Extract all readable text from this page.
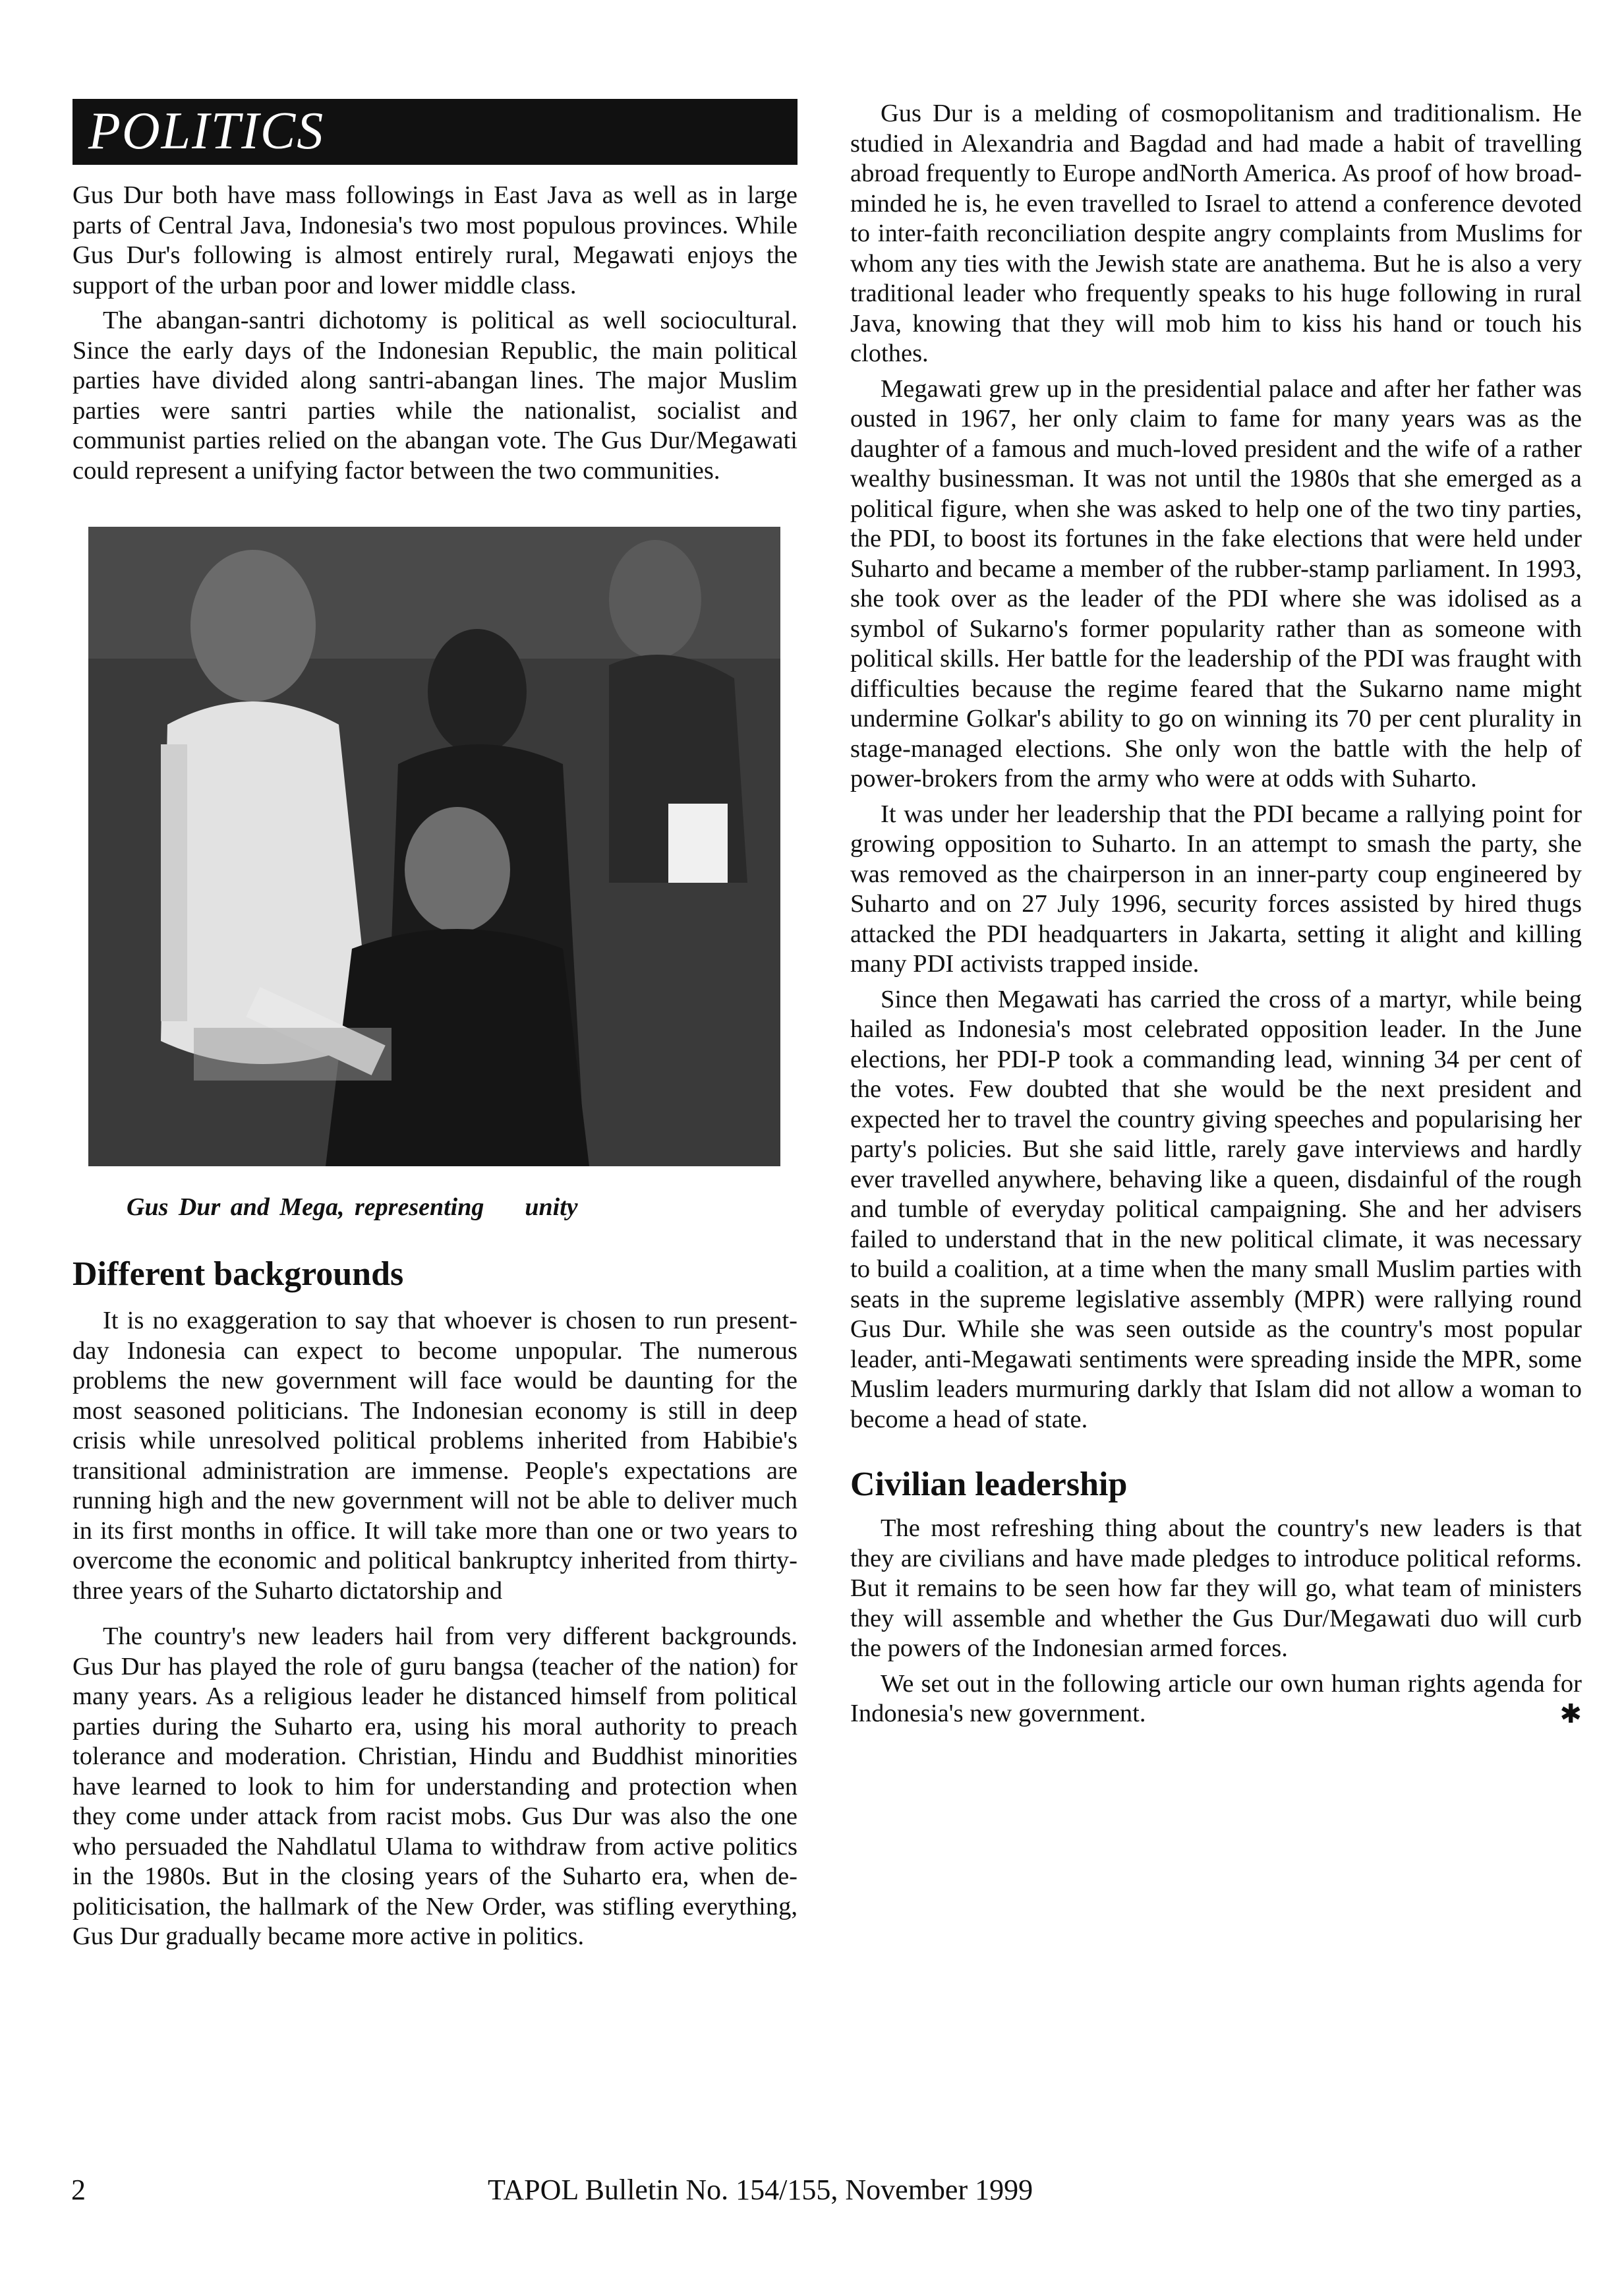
POLITICS

Gus Dur both have mass followings in East Java as well as in large parts of Central Java, Indonesia's two most populous provinces. While Gus Dur's following is almost entirely rural, Megawati enjoys the support of the urban poor and lower middle class.

The abangan-santri dichotomy is political as well sociocultural. Since the early days of the Indonesian Republic, the main political parties have divided along santri-abangan lines. The major Muslim parties were santri parties while the nationalist, socialist and communist parties relied on the abangan vote. The Gus Dur/Megawati could represent a unifying factor between the two communities.

Gus Dur and Mega, representing    unity
Different backgrounds

It is no exaggeration to say that whoever is chosen to run present-day Indonesia can expect to become unpopular. The numerous problems the new government will face would be daunting for the most seasoned politicians. The Indonesian economy is still in deep crisis while unresolved political problems inherited from Habibie's transitional administration are immense. People's expectations are running high and the new government will not be able to deliver much in its first months in office. It will take more than one or two years to overcome the economic and political bankruptcy inherited from thirty-three years of the Suharto dictatorship and

The country's new leaders hail from very different backgrounds. Gus Dur has played the role of guru bangsa (teacher of the nation) for many years. As a religious leader he distanced himself from political parties during the Suharto era, using his moral authority to preach tolerance and moderation. Christian, Hindu and Buddhist minorities have learned to look to him for understanding and protection when they come under attack from racist mobs. Gus Dur was also the one who persuaded the Nahdlatul Ulama to withdraw from active politics in the 1980s. But in the closing years of the Suharto era, when de-politicisation, the hallmark of the New Order, was stifling everything, Gus Dur gradually became more active in politics.

Gus Dur is a melding of cosmopolitanism and traditionalism. He studied in Alexandria and Bagdad and had made a habit of travelling abroad frequently to Europe andNorth America. As proof of how broad-minded he is, he even travelled to Israel to attend a conference devoted to inter-faith reconciliation despite angry complaints from Muslims for whom any ties with the Jewish state are anathema. But he is also a very traditional leader who frequently speaks to his huge following in rural Java, knowing that they will mob him to kiss his hand or touch his clothes.

Megawati grew up in the presidential palace and after her father was ousted in 1967, her only claim to fame for many years was as the daughter of a famous and much-loved president and the wife of a rather wealthy businessman. It was not until the 1980s that she emerged as a political figure, when she was asked to help one of the two tiny parties, the PDI, to boost its fortunes in the fake elections that were held under Suharto and became a member of the rubber-stamp parliament. In 1993, she took over as the leader of the PDI where she was idolised as a symbol of Sukarno's former popularity rather than as someone with political skills. Her battle for the leadership of the PDI was fraught with difficulties because the regime feared that the Sukarno name might undermine Golkar's ability to go on winning its 70 per cent plurality in stage-managed elections. She only won the battle with the help of power-brokers from the army who were at odds with Suharto.

It was under her leadership that the PDI became a rallying point for growing opposition to Suharto. In an attempt to smash the party, she was removed as the chairperson in an inner-party coup engineered by Suharto and on 27 July 1996, security forces assisted by hired thugs attacked the PDI headquarters in Jakarta, setting it alight and killing many PDI activists trapped inside.

Since then Megawati has carried the cross of a martyr, while being hailed as Indonesia's most celebrated opposition leader. In the June elections, her PDI-P took a commanding lead, winning 34 per cent of the votes. Few doubted that she would be the next president and expected her to travel the country giving speeches and popularising her party's policies. But she said little, rarely gave interviews and hardly ever travelled anywhere, behaving like a queen, disdainful of the rough and tumble of everyday political campaigning. She and her advisers failed to understand that in the new political climate, it was necessary to build a coalition, at a time when the many small Muslim parties with seats in the supreme legislative assembly (MPR) were rallying round Gus Dur. While she was seen outside as the country's most popular leader, anti-Megawati sentiments were spreading inside the MPR, some Muslim leaders murmuring darkly that Islam did not allow a woman to become a head of state.

Civilian leadership

The most refreshing thing about the country's new leaders is that they are civilians and have made pledges to introduce political reforms. But it remains to be seen how far they will go, what team of ministers they will assemble and whether the Gus Dur/Megawati duo will curb the powers of the Indonesian armed forces.

We set out in the following article our own human rights agenda for Indonesia's new government.	✱

2	TAPOL Bulletin No. 154/155, November 1999
